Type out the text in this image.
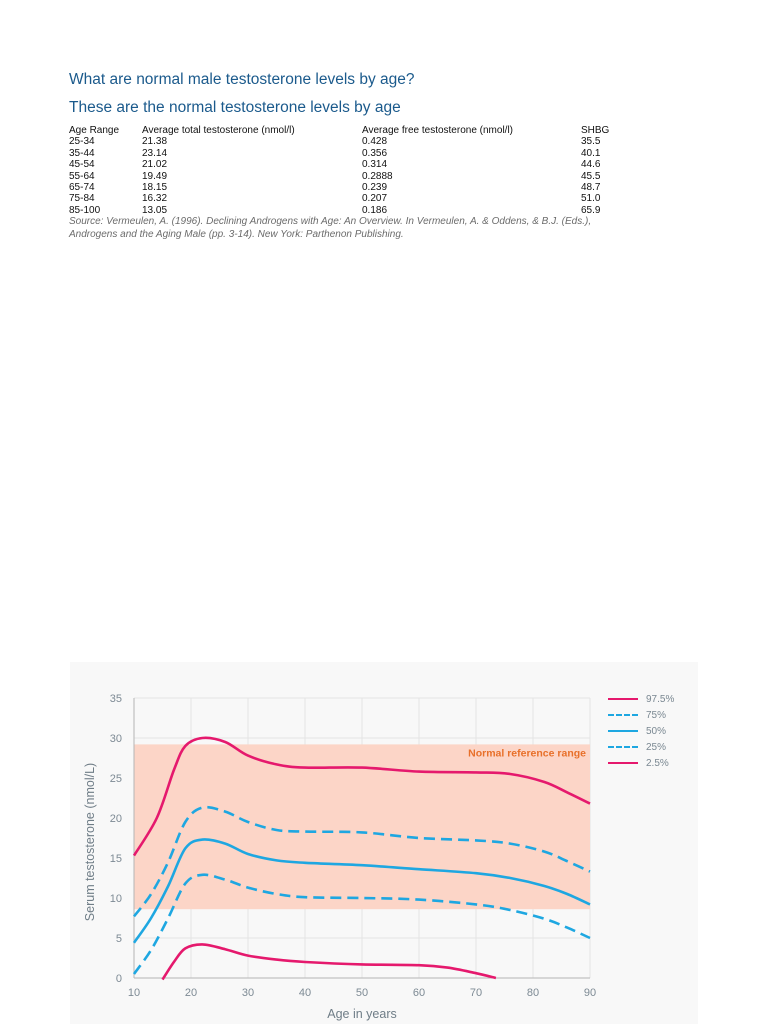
What are normal male testosterone levels by age?
These are the normal testosterone levels by age
Age Range	Average total testosterone (nmol/l)	Average free testosterone (nmol/l)	SHBG
25-34	21.38	0.428	35.5
35-44	23.14	0.356	40.1
45-54	21.02	0.314	44.6
55-64	19.49	0.2888	45.5
65-74	18.15	0.239	48.7
75-84	16.32	0.207	51.0
85-100	13.05	0.186	65.9
Source: Vermeulen, A. (1996). Declining Androgens with Age: An Overview. In Vermeulen, A. & Oddens, & B.J. (Eds.),
Androgens and the Aging Male (pp. 3-14). New York: Parthenon Publishing.
Normal reference range
10	20	30	40	50	60	70	80	90
0
5
10
15
20
25
30
35
Age in years
Serum testosterone (nmol/L)
97.5%
75%
50%
25%
2.5%
